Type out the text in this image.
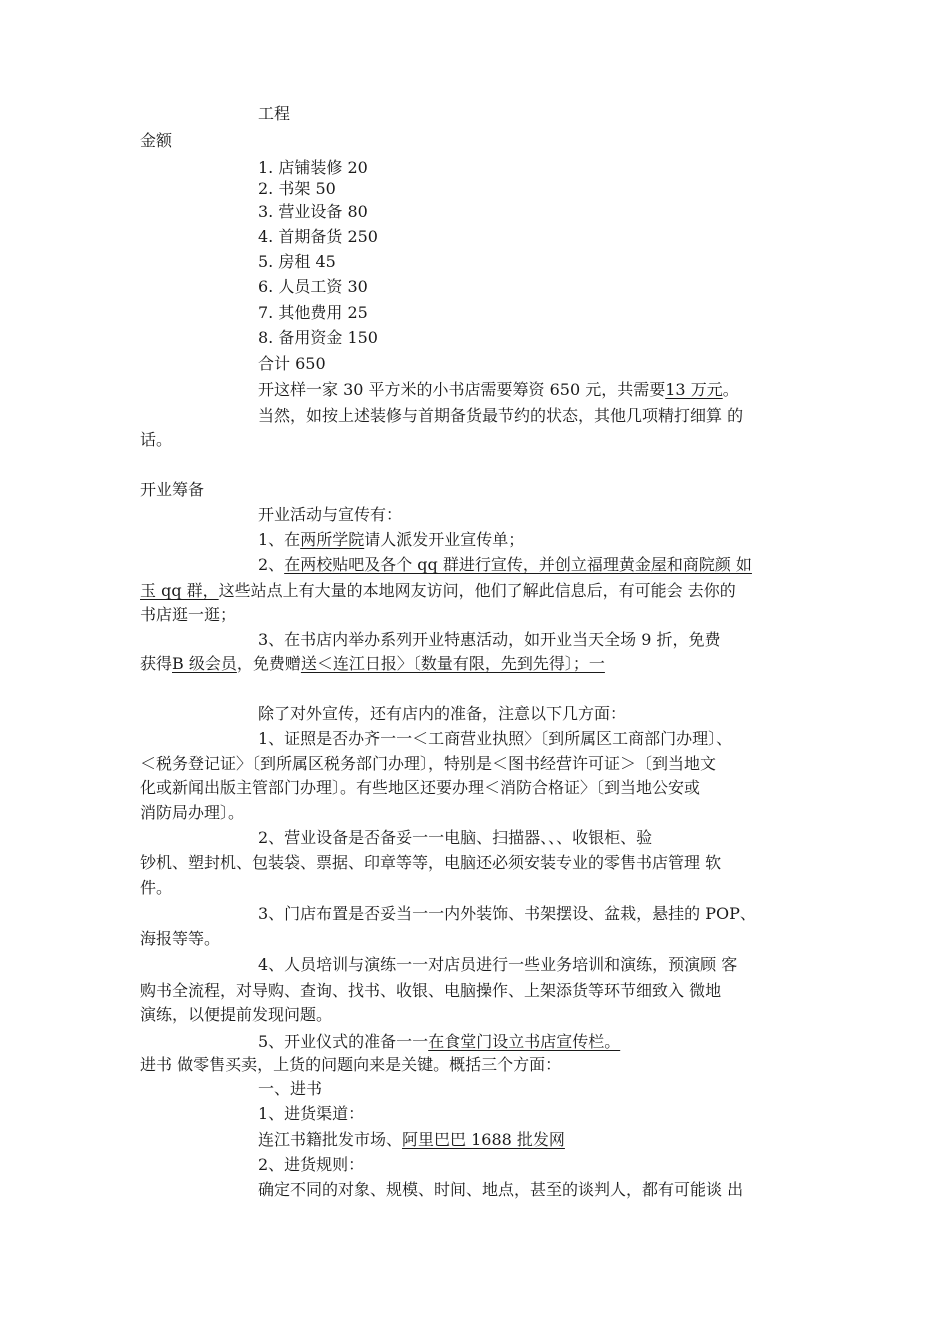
工程
金额
1. 店铺装修 20
2. 书架 50
3. 营业设备 80
4. 首期备货 250
5. 房租 45
6. 人员工资 30
7. 其他费用 25
8. 备用资金 150
合计 650
开这样一家 30 平方米的小书店需要筹资 650 元，共需要13 万元。
当然，如按上述装修与首期备货最节约的状态，其他几项精打细算 的
话。
开业筹备
开业活动与宣传有：
1、在两所学院请人派发开业宣传单；
2、在两校贴吧及各个 qq 群进行宣传，并创立福理黄金屋和商院颜 如
玉 qq 群，这些站点上有大量的本地网友访问，他们了解此信息后，有可能会 去你的
书店逛一逛；
3、在书店内举办系列开业特惠活动，如开业当天全场 9 折，免费
获得B 级会员，免费赠送＜连江日报〉〔数量有限，先到先得〕；一
除了对外宣传，还有店内的准备，注意以下几方面：
1、证照是否办齐一一＜工商营业执照〉〔到所属区工商部门办理〕、
＜税务登记证〉〔到所属区税务部门办理〕，特别是＜图书经营许可证＞〔到当地文
化或新闻出版主管部门办理〕。有些地区还要办理＜消防合格证〉〔到当地公安或
消防局办理〕。
2、营业设备是否备妥一一电脑、扫描器、、、收银柜、验
钞机、塑封机、包装袋、票据、印章等等，电脑还必须安装专业的零售书店管理 软
件。
3、门店布置是否妥当一一内外装饰、书架摆设、盆栽，悬挂的 POP、
海报等等。
4、人员培训与演练一一对店员进行一些业务培训和演练，预演顾 客
购书全流程，对导购、查询、找书、收银、电脑操作、上架添货等环节细致入 微地
演练，以便提前发现问题。
5、开业仪式的准备一一在食堂门设立书店宣传栏。
进书 做零售买卖，上货的问题向来是关键。概括三个方面：
一、进书
1、进货渠道：
连江书籍批发市场、阿里巴巴 1688 批发网
2、进货规则：
确定不同的对象、规模、时间、地点，甚至的谈判人，都有可能谈 出
